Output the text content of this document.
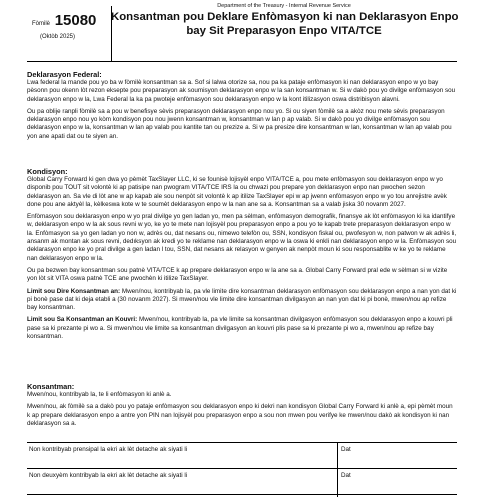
Fòmilè 15080
(Oktòb 2025)
Department of the Treasury - Internal Revenue Service
Konsantman pou Deklare Enfòmasyon ki nan Deklarasyon Enpo
bay Sit Preparasyon Enpo VITA/TCE
Deklarasyon Federal:

Lwa federal la mande pou yo ba w fòmilè konsantman sa a. Sof si lalwa otorize sa, nou pa ka pataje enfòmasyon ki nan deklarasyon enpo w yo bay pèsonn pou okenn lòt rezon eksepte pou preparasyon ak soumisyon deklarasyon enpo w la san konsantman w. Si w dakò pou yo divilge enfòmasyon sou deklarasyon enpo w la, Lwa Federal la ka pa pwoteje enfòmasyon sou deklarasyon enpo w la kont itilizasyon oswa distribisyon alavni.

Ou pa oblije ranpli fòmilè sa a pou w benefisye sèvis preparasyon deklarasyon enpo nou yo. Si ou siyen fòmilè sa a akòz nou mete sèvis preparasyon deklarasyon enpo nou yo kòm kondisyon pou nou jwenn konsantman w, konsantman w lan p ap valab. Si w dakò pou yo divilge enfòmasyon sou deklarasyon enpo w la, konsantman w lan ap valab pou kantite tan ou prezize a. Si w pa presize dire konsantman w lan, konsantman w lan ap valab pou yon ane apati dat ou te siyen an.

Kondisyon:

Global Carry Forward ki gen dwa yo pèmèt TaxSlayer LLC, ki se founisè lojisyèl enpo VITA/TCE a, pou mete enfòmasyon sou deklarasyon enpo w yo disponib pou TOUT sit volontè ki ap patisipe nan pwogram VITA/TCE IRS la ou chwazi pou prepare yon deklarasyon enpo nan pwochen sezon deklarasyon an. Sa vle di lòt ane w ap kapab ale sou nenpòt sit volontè k ap itilize TaxSlayer epi w ap jwenn enfòmasyon enpo w yo tou anrejistre avèk done pou ane aktyèl la, kèlkeswa kote w te soumèt deklarasyon enpo w la nan ane sa a. Konsantman sa a valab jiska 30 novanm 2027.

Enfòmasyon sou deklarasyon enpo w yo pral divilge yo gen ladan yo, men pa sèlman, enfòmasyon demografik, finansye ak lòt enfòmasyon ki ka idantifye w, deklarasyon enpo w la ak sous revni w yo, ke yo te mete nan lojisyèl pou preparasyon enpo a pou yo te kapab trete preparasyon deklarasyon enpo w la. Enfòmasyon sa yo gen ladan yo non w, adrès ou, dat nesans ou, nimewo telefòn ou, SSN, kondisyon fiskal ou, pwofesyon w, non patwon w ak adrès li, ansanm ak montan ak sous revni, dedıksyon ak kredi yo te reklame nan deklarasyon enpo w la oswa ki enkli nan deklarasyon enpo w la. Enfòmasyon sou deklarasyon enpo ke yo pral divilge a gen ladan l tou, SSN, dat nesans ak relasyon w genyen ak nenpòt moun ki sou responsablite w ke yo te reklame nan deklarasyon enpo w la.

Ou pa bezwen bay konsantman sou patnè VITA/TCE k ap prepare deklarasyon enpo w la ane sa a. Global Carry Forward pral ede w sèlman si w vizite yon lòt sit VITA oswa patnè TCE ane pwochèn ki itilize TaxSlayer.

Limit sou Dire Konsantman an: Mwen/nou, kontribyab la, pa vle limite dire konsantman deklarasyon enfòmasyon sou deklarasyon enpo a nan yon dat ki pi bonè pase dat ki deja etabli a (30 novanm 2027). Si mwen/nou vle limite dire konsantman divilgasyon an nan yon dat ki pi bonè, mwen/nou ap refize bay konsantman.

Limit sou Sa Konsantman an Kouvri: Mwen/nou, kontribyab la, pa vle limite sa konsantman divilgasyon enfòmasyon sou deklarasyon enpo a kouvri pli pase sa ki prezante pi wo a. Si mwen/nou vle limite sa konsantman divilgasyon an kouvri plis pase sa ki prezante pi wo a, mwen/nou ap refize bay konsantman.

Konsantman:

Mwen/nou, kontribyab la, te li enfòmasyon ki anlè a.

Mwen/nou, ak fòmilè sa a dakò pou yo pataje enfòmasyon sou deklarasyon enpo ki dekri nan kondisyon Global Carry Forward ki anlè a, epi pèmèt moun k ap prepare deklarasyon enpo a antre yon PIN nan lojisyèl pou preparasyon enpo a sou non mwen pou verifye ke mwen/nou dakò ak kondisyon ki nan deklarasyon sa a.

Non kontribyab prensipal la ekri ak lèt detache ak siyati li	Dat
Non deuxyèm kontribyab la ekri ak lèt detache ak siyati li	Dat
